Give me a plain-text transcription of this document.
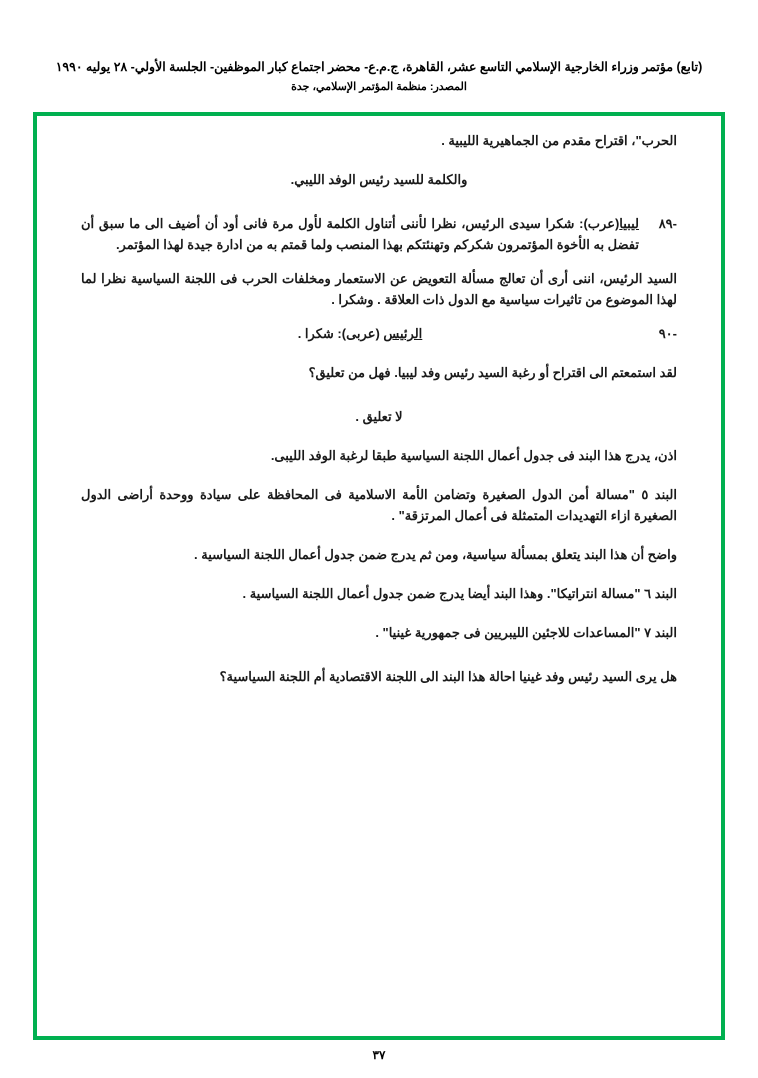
(تابع) مؤتمر وزراء الخارجية الإسلامي التاسع عشر، القاهرة، ج.م.ع- محضر اجتماع كبار الموظفين- الجلسة الأولي- ٢٨ يوليه ١٩٩٠
المصدر: منظمة المؤتمر الإسلامي، جدة

الحرب"، اقتراح مقدم من الجماهيرية الليبية .

والكلمة للسيد رئيس الوفد الليبي.

-٨٩
ليبيا(عرب): شكرا سيدى الرئيس، نظرا لأننى أتناول الكلمة لأول مرة فانى أود أن أضيف الى ما سبق أن تفضل به الأخوة المؤتمرون شكركم وتهنئتكم بهذا المنصب ولما قمتم به من ادارة جيدة لهذا المؤتمر.

السيد الرئيس، اننى أرى أن تعالج مسألة التعويض عن الاستعمار ومخلفات الحرب فى اللجنة السياسية نظرا لما لهذا الموضوع من تاثيرات سياسية مع الدول ذات العلاقة . وشكرا .

-٩٠
الرئيس (عربى): شكرا .

لقد استمعتم الى اقتراح أو رغبة السيد رئيس وفد ليبيا. فهل من تعليق؟

لا تعليق .

اذن، يدرج هذا البند فى جدول أعمال اللجنة السياسية طبقا لرغبة الوفد الليبى.

البند ٥ "مسالة أمن الدول الصغيرة وتضامن الأمة الاسلامية فى المحافظة على سيادة ووحدة أراضى الدول الصغيرة ازاء التهديدات المتمثلة فى أعمال المرتزقة" .

واضح أن هذا البند يتعلق بمسألة سياسية، ومن ثم يدرج ضمن جدول أعمال اللجنة السياسية .

البند ٦ "مسالة انتراتيكا". وهذا البند أيضا يدرج ضمن جدول أعمال اللجنة السياسية .

البند ٧ "المساعدات للاجئين الليبريين فى جمهورية غينيا" .

هل يرى السيد رئيس وفد غينيا احالة هذا البند الى اللجنة الاقتصادية أم اللجنة السياسية؟

٣٧
